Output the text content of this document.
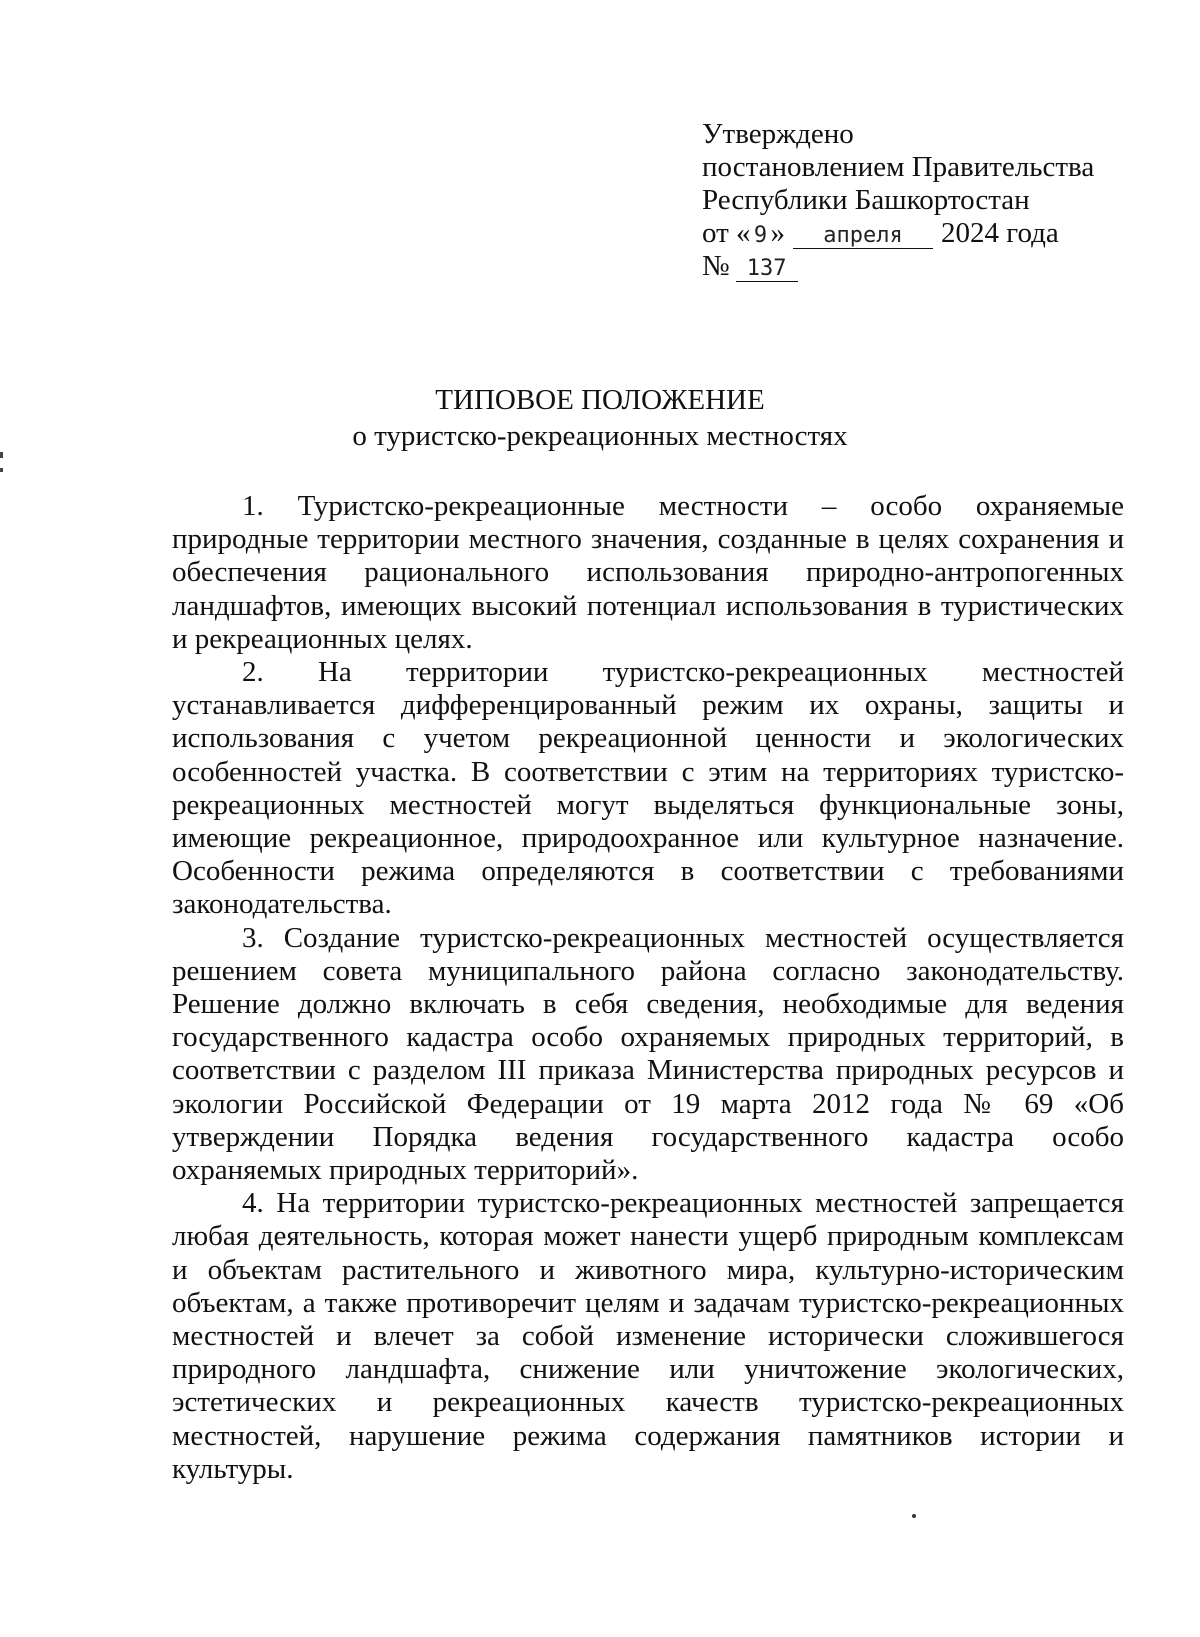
Утверждено
постановлением Правительства
Республики Башкортостан
от « 9 » апреля 2024 года
№ 137
ТИПОВОЕ ПОЛОЖЕНИЕ
о туристско-рекреационных местностях

1. Туристско-рекреационные местности – особо охраняемые природные территории местного значения, созданные в целях сохранения и обеспечения рационального использования природно-антропогенных ландшафтов, имеющих высокий потенциал использования в туристических и рекреационных целях.

2. На территории туристско-рекреационных местностей устанавливается дифференцированный режим их охраны, защиты и использования с учетом рекреационной ценности и экологических особенностей участка. В соответствии с этим на территориях туристско-рекреационных местностей могут выделяться функциональные зоны, имеющие рекреационное, природоохранное или культурное назначение. Особенности режима определяются в соответствии с требованиями законодательства.

3. Создание туристско-рекреационных местностей осуществляется решением совета муниципального района согласно законодательству. Решение должно включать в себя сведения, необходимые для ведения государственного кадастра особо охраняемых природных территорий, в соответствии с разделом III приказа Министерства природных ресурсов и экологии Российской Федерации от 19 марта 2012 года № 69 «Об утверждении Порядка ведения государственного кадастра особо охраняемых природных территорий».

4. На территории туристско-рекреационных местностей запрещается любая деятельность, которая может нанести ущерб природным комплексам и объектам растительного и животного мира, культурно-историческим объектам, а также противоречит целям и задачам туристско-рекреационных местностей и влечет за собой изменение исторически сложившегося природного ландшафта, снижение или уничтожение экологических, эстетических и рекреационных качеств туристско-рекреационных местностей, нарушение режима содержания памятников истории и культуры.
